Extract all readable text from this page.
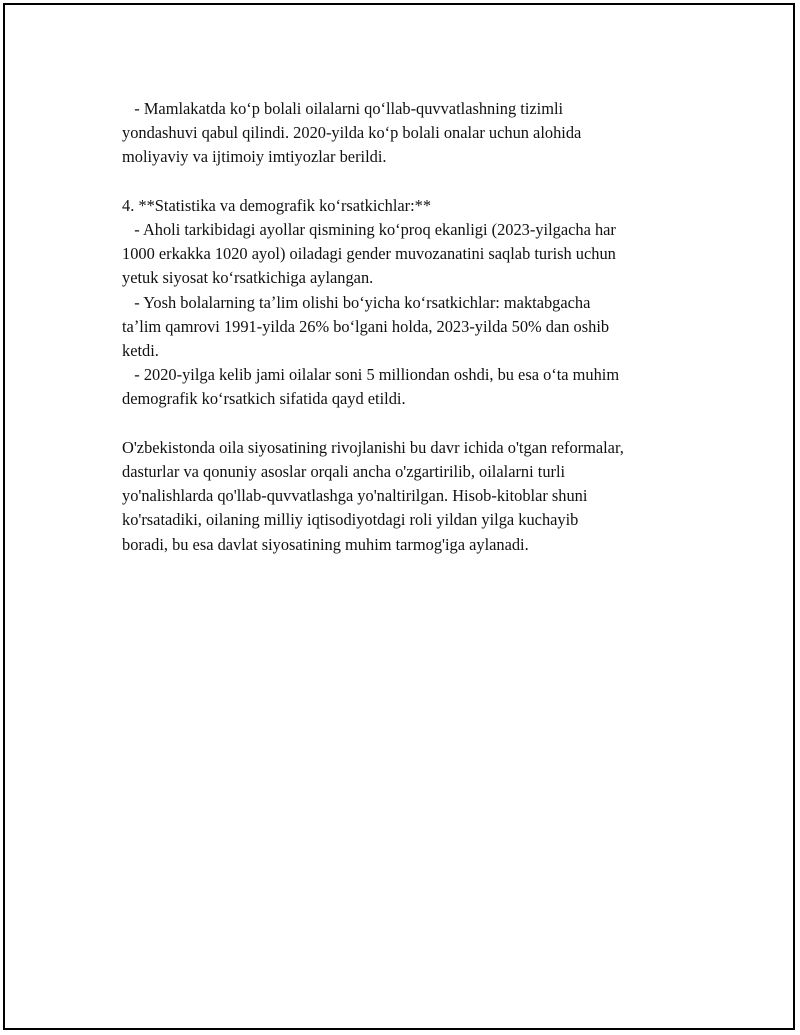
- Mamlakatda koʻp bolali oilalarni qoʻllab-quvvatlashning tizimli
yondashuvi qabul qilindi. 2020-yilda koʻp bolali onalar uchun alohida
moliyaviy va ijtimoiy imtiyozlar berildi.
4. **Statistika va demografik koʻrsatkichlar:**
- Aholi tarkibidagi ayollar qismining koʻproq ekanligi (2023-yilgacha har
1000 erkakka 1020 ayol) oiladagi gender muvozanatini saqlab turish uchun
yetuk siyosat koʻrsatkichiga aylangan.
- Yosh bolalarning taʼlim olishi boʻyicha koʻrsatkichlar: maktabgacha
taʼlim qamrovi 1991-yilda 26% boʻlgani holda, 2023-yilda 50% dan oshib
ketdi.
- 2020-yilga kelib jami oilalar soni 5 milliondan oshdi, bu esa oʻta muhim
demografik koʻrsatkich sifatida qayd etildi.
O'zbekistonda oila siyosatining rivojlanishi bu davr ichida o'tgan reformalar,
dasturlar va qonuniy asoslar orqali ancha o'zgartirilib, oilalarni turli
yo'nalishlarda qo'llab-quvvatlashga yo'naltirilgan. Hisob-kitoblar shuni
ko'rsatadiki, oilaning milliy iqtisodiyotdagi roli yildan yilga kuchayib
boradi, bu esa davlat siyosatining muhim tarmog'iga aylanadi.
